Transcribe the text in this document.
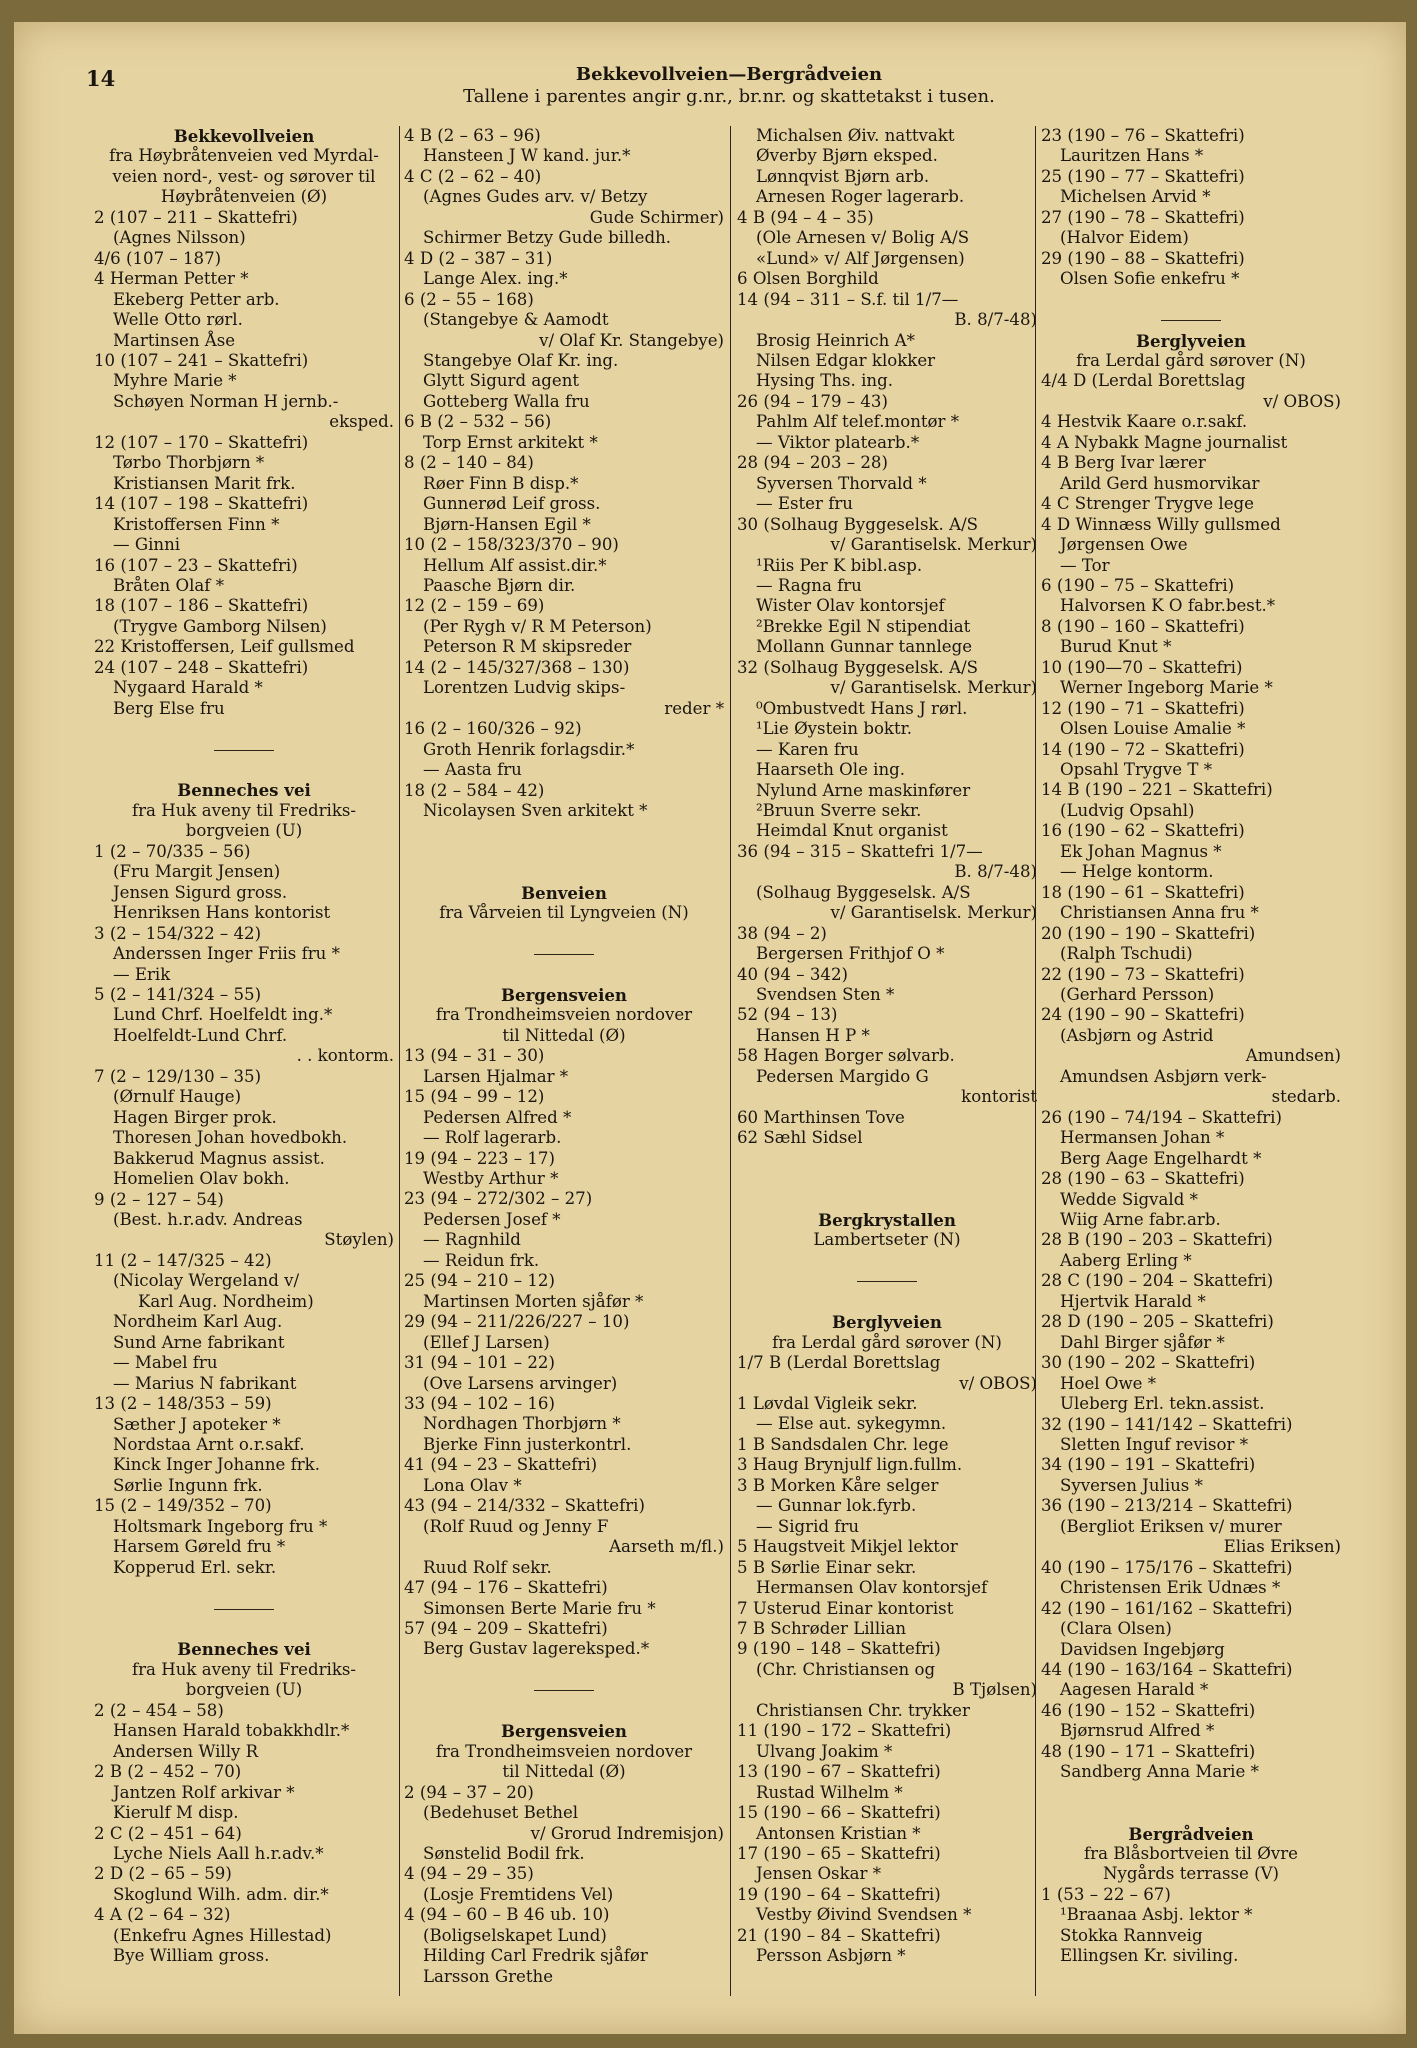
14	Bekkevollveien—Bergrådveien
Tallene i parentes angir g.nr., br.nr. og skattetakst i tusen.
Bekkevollveien
fra Høybråtenveien ved Myrdal-
veien nord-, vest- og sørover til
Høybråtenveien (Ø)
2 (107 – 211 – Skattefri)
(Agnes Nilsson)
4/6 (107 – 187)
4 Herman Petter *
Ekeberg Petter arb.
Welle Otto rørl.
Martinsen Åse
10 (107 – 241 – Skattefri)
Myhre Marie *
Schøyen Norman H jernb.-
eksped.
12 (107 – 170 – Skattefri)
Tørbo Thorbjørn *
Kristiansen Marit frk.
14 (107 – 198 – Skattefri)
Kristoffersen Finn *
— Ginni
16 (107 – 23 – Skattefri)
Bråten Olaf *
18 (107 – 186 – Skattefri)
(Trygve Gamborg Nilsen)
22 Kristoffersen, Leif gullsmed
24 (107 – 248 – Skattefri)
Nygaard Harald *
Berg Else fru
Benneches vei
fra Huk aveny til Fredriks-
borgveien (U)
1 (2 – 70/335 – 56)
(Fru Margit Jensen)
Jensen Sigurd gross.
Henriksen Hans kontorist
3 (2 – 154/322 – 42)
Anderssen Inger Friis fru *
— Erik
5 (2 – 141/324 – 55)
Lund Chrf. Hoelfeldt ing.*
Hoelfeldt-Lund Chrf.
. . kontorm.
7 (2 – 129/130 – 35)
(Ørnulf Hauge)
Hagen Birger prok.
Thoresen Johan hovedbokh.
Bakkerud Magnus assist.
Homelien Olav bokh.
9 (2 – 127 – 54)
(Best. h.r.adv. Andreas
Støylen)
11 (2 – 147/325 – 42)
(Nicolay Wergeland v/
Karl Aug. Nordheim)
Nordheim Karl Aug.
Sund Arne fabrikant
— Mabel fru
— Marius N fabrikant
13 (2 – 148/353 – 59)
Sæther J apoteker *
Nordstaa Arnt o.r.sakf.
Kinck Inger Johanne frk.
Sørlie Ingunn frk.
15 (2 – 149/352 – 70)
Holtsmark Ingeborg fru *
Harsem Gøreld fru *
Kopperud Erl. sekr.
Benneches vei
fra Huk aveny til Fredriks-
borgveien (U)
2 (2 – 454 – 58)
Hansen Harald tobakkhdlr.*
Andersen Willy R
2 B (2 – 452 – 70)
Jantzen Rolf arkivar *
Kierulf M disp.
2 C (2 – 451 – 64)
Lyche Niels Aall h.r.adv.*
2 D (2 – 65 – 59)
Skoglund Wilh. adm. dir.*
4 A (2 – 64 – 32)
(Enkefru Agnes Hillestad)
Bye William gross.
4 B (2 – 63 – 96)
Hansteen J W kand. jur.*
4 C (2 – 62 – 40)
(Agnes Gudes arv. v/ Betzy
Gude Schirmer)
Schirmer Betzy Gude billedh.
4 D (2 – 387 – 31)
Lange Alex. ing.*
6 (2 – 55 – 168)
(Stangebye & Aamodt
v/ Olaf Kr. Stangebye)
Stangebye Olaf Kr. ing.
Glytt Sigurd agent
Gotteberg Walla fru
6 B (2 – 532 – 56)
Torp Ernst arkitekt *
8 (2 – 140 – 84)
Røer Finn B disp.*
Gunnerød Leif gross.
Bjørn-Hansen Egil *
10 (2 – 158/323/370 – 90)
Hellum Alf assist.dir.*
Paasche Bjørn dir.
12 (2 – 159 – 69)
(Per Rygh v/ R M Peterson)
Peterson R M skipsreder
14 (2 – 145/327/368 – 130)
Lorentzen Ludvig skips-
reder *
16 (2 – 160/326 – 92)
Groth Henrik forlagsdir.*
— Aasta fru
18 (2 – 584 – 42)
Nicolaysen Sven arkitekt *
Benveien
fra Vårveien til Lyngveien (N)
Bergensveien
fra Trondheimsveien nordover
til Nittedal (Ø)
13 (94 – 31 – 30)
Larsen Hjalmar *
15 (94 – 99 – 12)
Pedersen Alfred *
— Rolf lagerarb.
19 (94 – 223 – 17)
Westby Arthur *
23 (94 – 272/302 – 27)
Pedersen Josef *
— Ragnhild
— Reidun frk.
25 (94 – 210 – 12)
Martinsen Morten sjåfør *
29 (94 – 211/226/227 – 10)
(Ellef J Larsen)
31 (94 – 101 – 22)
(Ove Larsens arvinger)
33 (94 – 102 – 16)
Nordhagen Thorbjørn *
Bjerke Finn justerkontrl.
41 (94 – 23 – Skattefri)
Lona Olav *
43 (94 – 214/332 – Skattefri)
(Rolf Ruud og Jenny F
Aarseth m/fl.)
Ruud Rolf sekr.
47 (94 – 176 – Skattefri)
Simonsen Berte Marie fru *
57 (94 – 209 – Skattefri)
Berg Gustav lagereksped.*
Bergensveien
fra Trondheimsveien nordover
til Nittedal (Ø)
2 (94 – 37 – 20)
(Bedehuset Bethel
v/ Grorud Indremisjon)
Sønstelid Bodil frk.
4 (94 – 29 – 35)
(Losje Fremtidens Vel)
4 (94 – 60 – B 46 ub. 10)
(Boligselskapet Lund)
Hilding Carl Fredrik sjåfør
Larsson Grethe
Michalsen Øiv. nattvakt
Øverby Bjørn eksped.
Lønnqvist Bjørn arb.
Arnesen Roger lagerarb.
4 B (94 – 4 – 35)
(Ole Arnesen v/ Bolig A/S
«Lund» v/ Alf Jørgensen)
6 Olsen Borghild
14 (94 – 311 – S.f. til 1/7—
B. 8/7-48)
Brosig Heinrich A*
Nilsen Edgar klokker
Hysing Ths. ing.
26 (94 – 179 – 43)
Pahlm Alf telef.montør *
— Viktor platearb.*
28 (94 – 203 – 28)
Syversen Thorvald *
— Ester fru
30 (Solhaug Byggeselsk. A/S
v/ Garantiselsk. Merkur)
¹Riis Per K bibl.asp.
— Ragna fru
Wister Olav kontorsjef
²Brekke Egil N stipendiat
Mollann Gunnar tannlege
32 (Solhaug Byggeselsk. A/S
v/ Garantiselsk. Merkur)
⁰Ombustvedt Hans J rørl.
¹Lie Øystein boktr.
— Karen fru
Haarseth Ole ing.
Nylund Arne maskinfører
²Bruun Sverre sekr.
Heimdal Knut organist
36 (94 – 315 – Skattefri 1/7—
B. 8/7-48)
(Solhaug Byggeselsk. A/S
v/ Garantiselsk. Merkur)
38 (94 – 2)
Bergersen Frithjof O *
40 (94 – 342)
Svendsen Sten *
52 (94 – 13)
Hansen H P *
58 Hagen Borger sølvarb.
Pedersen Margido G
kontorist
60 Marthinsen Tove
62 Sæhl Sidsel
Bergkrystallen
Lambertseter (N)
Berglyveien
fra Lerdal gård sørover (N)
1/7 B (Lerdal Borettslag
v/ OBOS)
1 Løvdal Vigleik sekr.
— Else aut. sykegymn.
1 B Sandsdalen Chr. lege
3 Haug Brynjulf lign.fullm.
3 B Morken Kåre selger
— Gunnar lok.fyrb.
— Sigrid fru
5 Haugstveit Mikjel lektor
5 B Sørlie Einar sekr.
Hermansen Olav kontorsjef
7 Usterud Einar kontorist
7 B Schrøder Lillian
9 (190 – 148 – Skattefri)
(Chr. Christiansen og
B Tjølsen)
Christiansen Chr. trykker
11 (190 – 172 – Skattefri)
Ulvang Joakim *
13 (190 – 67 – Skattefri)
Rustad Wilhelm *
15 (190 – 66 – Skattefri)
Antonsen Kristian *
17 (190 – 65 – Skattefri)
Jensen Oskar *
19 (190 – 64 – Skattefri)
Vestby Øivind Svendsen *
21 (190 – 84 – Skattefri)
Persson Asbjørn *
23 (190 – 76 – Skattefri)
Lauritzen Hans *
25 (190 – 77 – Skattefri)
Michelsen Arvid *
27 (190 – 78 – Skattefri)
(Halvor Eidem)
29 (190 – 88 – Skattefri)
Olsen Sofie enkefru *
Berglyveien
fra Lerdal gård sørover (N)
4/4 D (Lerdal Borettslag
v/ OBOS)
4 Hestvik Kaare o.r.sakf.
4 A Nybakk Magne journalist
4 B Berg Ivar lærer
Arild Gerd husmorvikar
4 C Strenger Trygve lege
4 D Winnæss Willy gullsmed
Jørgensen Owe
— Tor
6 (190 – 75 – Skattefri)
Halvorsen K O fabr.best.*
8 (190 – 160 – Skattefri)
Burud Knut *
10 (190—70 – Skattefri)
Werner Ingeborg Marie *
12 (190 – 71 – Skattefri)
Olsen Louise Amalie *
14 (190 – 72 – Skattefri)
Opsahl Trygve T *
14 B (190 – 221 – Skattefri)
(Ludvig Opsahl)
16 (190 – 62 – Skattefri)
Ek Johan Magnus *
— Helge kontorm.
18 (190 – 61 – Skattefri)
Christiansen Anna fru *
20 (190 – 190 – Skattefri)
(Ralph Tschudi)
22 (190 – 73 – Skattefri)
(Gerhard Persson)
24 (190 – 90 – Skattefri)
(Asbjørn og Astrid
Amundsen)
Amundsen Asbjørn verk-
stedarb.
26 (190 – 74/194 – Skattefri)
Hermansen Johan *
Berg Aage Engelhardt *
28 (190 – 63 – Skattefri)
Wedde Sigvald *
Wiig Arne fabr.arb.
28 B (190 – 203 – Skattefri)
Aaberg Erling *
28 C (190 – 204 – Skattefri)
Hjertvik Harald *
28 D (190 – 205 – Skattefri)
Dahl Birger sjåfør *
30 (190 – 202 – Skattefri)
Hoel Owe *
Uleberg Erl. tekn.assist.
32 (190 – 141/142 – Skattefri)
Sletten Inguf revisor *
34 (190 – 191 – Skattefri)
Syversen Julius *
36 (190 – 213/214 – Skattefri)
(Bergliot Eriksen v/ murer
Elias Eriksen)
40 (190 – 175/176 – Skattefri)
Christensen Erik Udnæs *
42 (190 – 161/162 – Skattefri)
(Clara Olsen)
Davidsen Ingebjørg
44 (190 – 163/164 – Skattefri)
Aagesen Harald *
46 (190 – 152 – Skattefri)
Bjørnsrud Alfred *
48 (190 – 171 – Skattefri)
Sandberg Anna Marie *
Bergrådveien
fra Blåsbortveien til Øvre
Nygårds terrasse (V)
1 (53 – 22 – 67)
¹Braanaa Asbj. lektor *
Stokka Rannveig
Ellingsen Kr. siviling.
